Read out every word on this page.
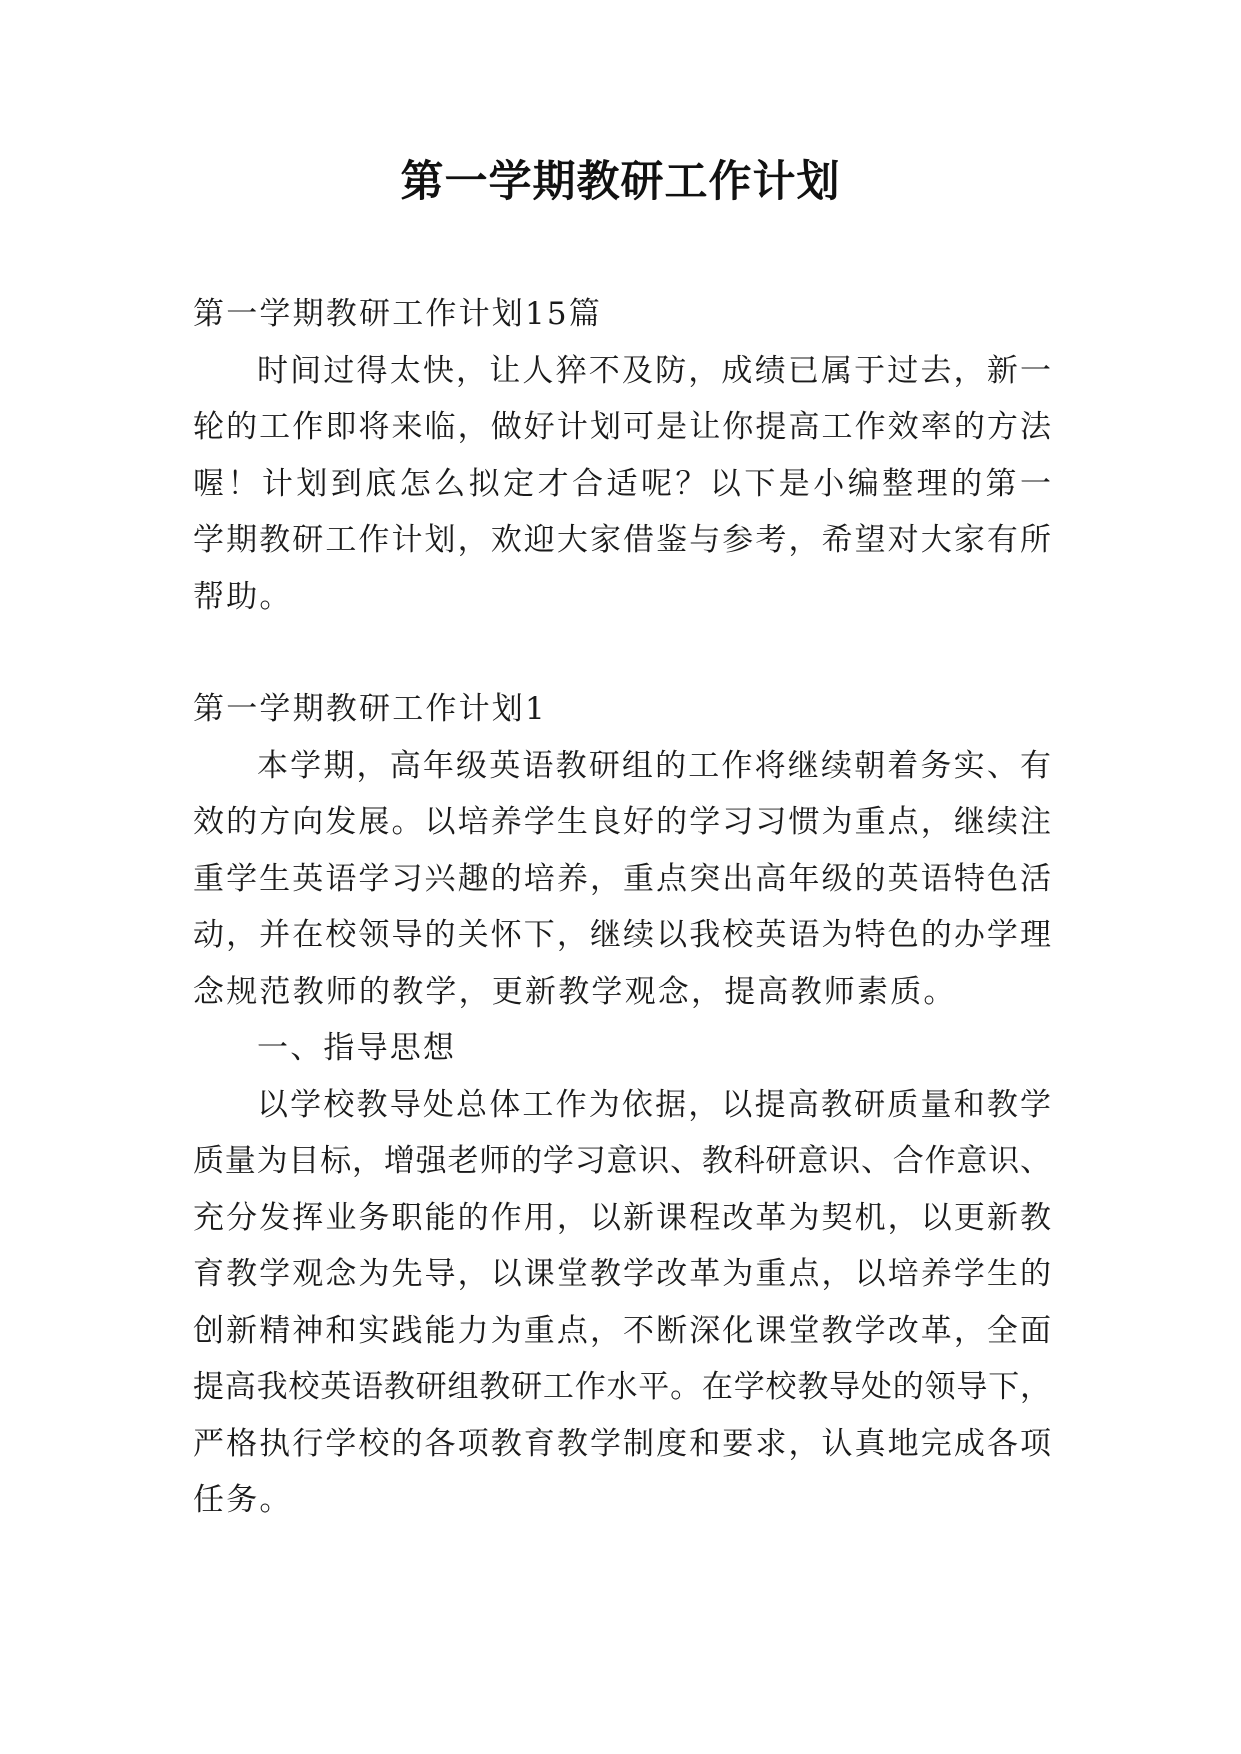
第一学期教研工作计划
第一学期教研工作计划15篇
时间过得太快，让人猝不及防，成绩已属于过去，新一
轮的工作即将来临，做好计划可是让你提高工作效率的方法
喔！计划到底怎么拟定才合适呢？以下是小编整理的第一
学期教研工作计划，欢迎大家借鉴与参考，希望对大家有所
帮助。
第一学期教研工作计划1
本学期，高年级英语教研组的工作将继续朝着务实、有
效的方向发展。以培养学生良好的学习习惯为重点，继续注
重学生英语学习兴趣的培养，重点突出高年级的英语特色活
动，并在校领导的关怀下，继续以我校英语为特色的办学理
念规范教师的教学，更新教学观念，提高教师素质。
一、指导思想
以学校教导处总体工作为依据，以提高教研质量和教学
质量为目标，增强老师的学习意识、教科研意识、合作意识、
充分发挥业务职能的作用，以新课程改革为契机，以更新教
育教学观念为先导，以课堂教学改革为重点，以培养学生的
创新精神和实践能力为重点，不断深化课堂教学改革，全面
提高我校英语教研组教研工作水平。在学校教导处的领导下，
严格执行学校的各项教育教学制度和要求，认真地完成各项
任务。
